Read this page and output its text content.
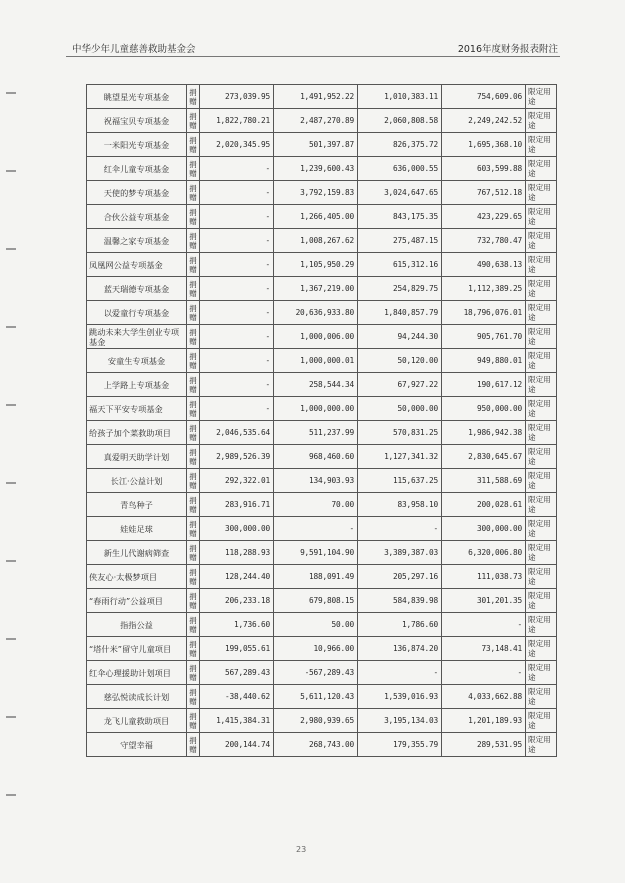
中华少年儿童慈善救助基金会	2016年度财务报表附注
眺望星光专项基金	捐赠	273,039.95	1,491,952.22	1,010,383.11	754,609.06	限定用途
祝福宝贝专项基金	捐赠	1,822,780.21	2,487,270.89	2,060,808.58	2,249,242.52	限定用途
一米阳光专项基金	捐赠	2,020,345.95	501,397.87	826,375.72	1,695,368.10	限定用途
红伞儿童专项基金	捐赠	-	1,239,600.43	636,000.55	603,599.88	限定用途
天使的梦专项基金	捐赠	-	3,792,159.83	3,024,647.65	767,512.18	限定用途
合伙公益专项基金	捐赠	-	1,266,405.00	843,175.35	423,229.65	限定用途
温馨之家专项基金	捐赠	-	1,008,267.62	275,487.15	732,780.47	限定用途
凤凰网公益专项基金	捐赠	-	1,105,950.29	615,312.16	490,638.13	限定用途
蓝天瑞德专项基金	捐赠	-	1,367,219.00	254,829.75	1,112,389.25	限定用途
以爱童行专项基金	捐赠	-	20,636,933.80	1,840,857.79	18,796,076.01	限定用途
跳动未来大学生创业专项基金	捐赠	-	1,000,006.00	94,244.30	905,761.70	限定用途
安童生专项基金	捐赠	-	1,000,000.01	50,120.00	949,880.01	限定用途
上学路上专项基金	捐赠	-	258,544.34	67,927.22	190,617.12	限定用途
福天下平安专项基金	捐赠	-	1,000,000.00	50,000.00	950,000.00	限定用途
给孩子加个菜救助项目	捐赠	2,046,535.64	511,237.99	570,831.25	1,986,942.38	限定用途
真爱明天助学计划	捐赠	2,989,526.39	968,460.60	1,127,341.32	2,830,645.67	限定用途
长江·公益计划	捐赠	292,322.01	134,903.93	115,637.25	311,588.69	限定用途
青鸟种子	捐赠	283,916.71	70.00	83,958.10	200,028.61	限定用途
娃娃足球	捐赠	300,000.00	-	-	300,000.00	限定用途
新生儿代谢病筛查	捐赠	118,288.93	9,591,104.90	3,389,387.03	6,320,006.80	限定用途
侠友心·太极梦项目	捐赠	128,244.40	188,091.49	205,297.16	111,038.73	限定用途
“春雨行动”公益项目	捐赠	206,233.18	679,808.15	584,839.98	301,201.35	限定用途
指指公益	捐赠	1,736.60	50.00	1,786.60	-	限定用途
“塔什米”留守儿童项目	捐赠	199,055.61	10,966.00	136,874.20	73,148.41	限定用途
红伞心理援助计划项目	捐赠	567,289.43	-567,289.43	-	-	限定用途
慈弘悦读成长计划	捐赠	-38,440.62	5,611,120.43	1,539,016.93	4,033,662.88	限定用途
龙飞儿童救助项目	捐赠	1,415,384.31	2,980,939.65	3,195,134.03	1,201,189.93	限定用途
守望幸福	捐赠	200,144.74	268,743.00	179,355.79	289,531.95	限定用途
23
